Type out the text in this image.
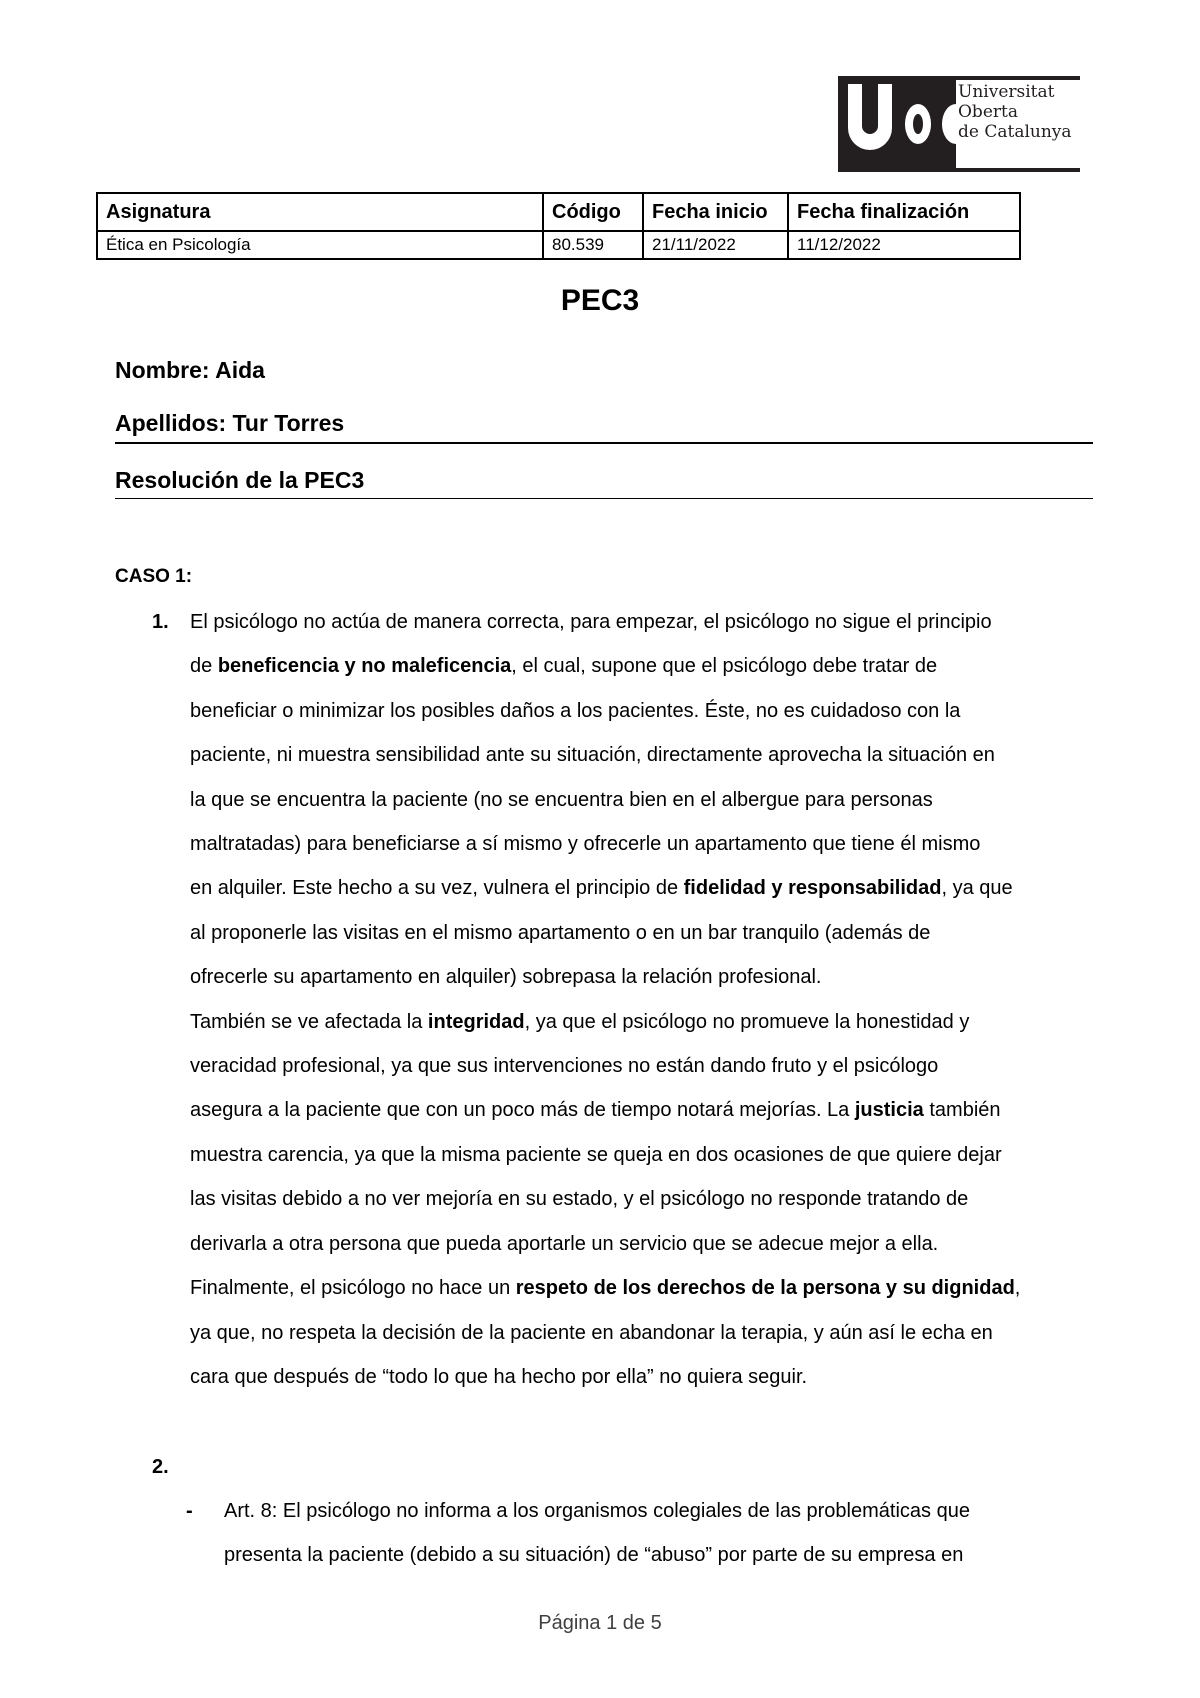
Universitat
Oberta
de Catalunya
Asignatura	Código	Fecha inicio	Fecha finalización
Ética en Psicología	80.539	21/11/2022	11/12/2022
PEC3
Nombre: Aida
Apellidos: Tur Torres
Resolución de la PEC3
CASO 1:
1. El psicólogo no actúa de manera correcta, para empezar, el psicólogo no sigue el principio
de beneficencia y no maleficencia, el cual, supone que el psicólogo debe tratar de
beneficiar o minimizar los posibles daños a los pacientes. Éste, no es cuidadoso con la
paciente, ni muestra sensibilidad ante su situación, directamente aprovecha la situación en
la que se encuentra la paciente (no se encuentra bien en el albergue para personas
maltratadas) para beneficiarse a sí mismo y ofrecerle un apartamento que tiene él mismo
en alquiler. Este hecho a su vez, vulnera el principio de fidelidad y responsabilidad, ya que
al proponerle las visitas en el mismo apartamento o en un bar tranquilo (además de
ofrecerle su apartamento en alquiler) sobrepasa la relación profesional.
También se ve afectada la integridad, ya que el psicólogo no promueve la honestidad y
veracidad profesional, ya que sus intervenciones no están dando fruto y el psicólogo
asegura a la paciente que con un poco más de tiempo notará mejorías. La justicia también
muestra carencia, ya que la misma paciente se queja en dos ocasiones de que quiere dejar
las visitas debido a no ver mejoría en su estado, y el psicólogo no responde tratando de
derivarla a otra persona que pueda aportarle un servicio que se adecue mejor a ella.
Finalmente, el psicólogo no hace un respeto de los derechos de la persona y su dignidad,
ya que, no respeta la decisión de la paciente en abandonar la terapia, y aún así le echa en
cara que después de “todo lo que ha hecho por ella” no quiera seguir.
2.
- Art. 8: El psicólogo no informa a los organismos colegiales de las problemáticas que
presenta la paciente (debido a su situación) de “abuso” por parte de su empresa en
Página 1 de 5
